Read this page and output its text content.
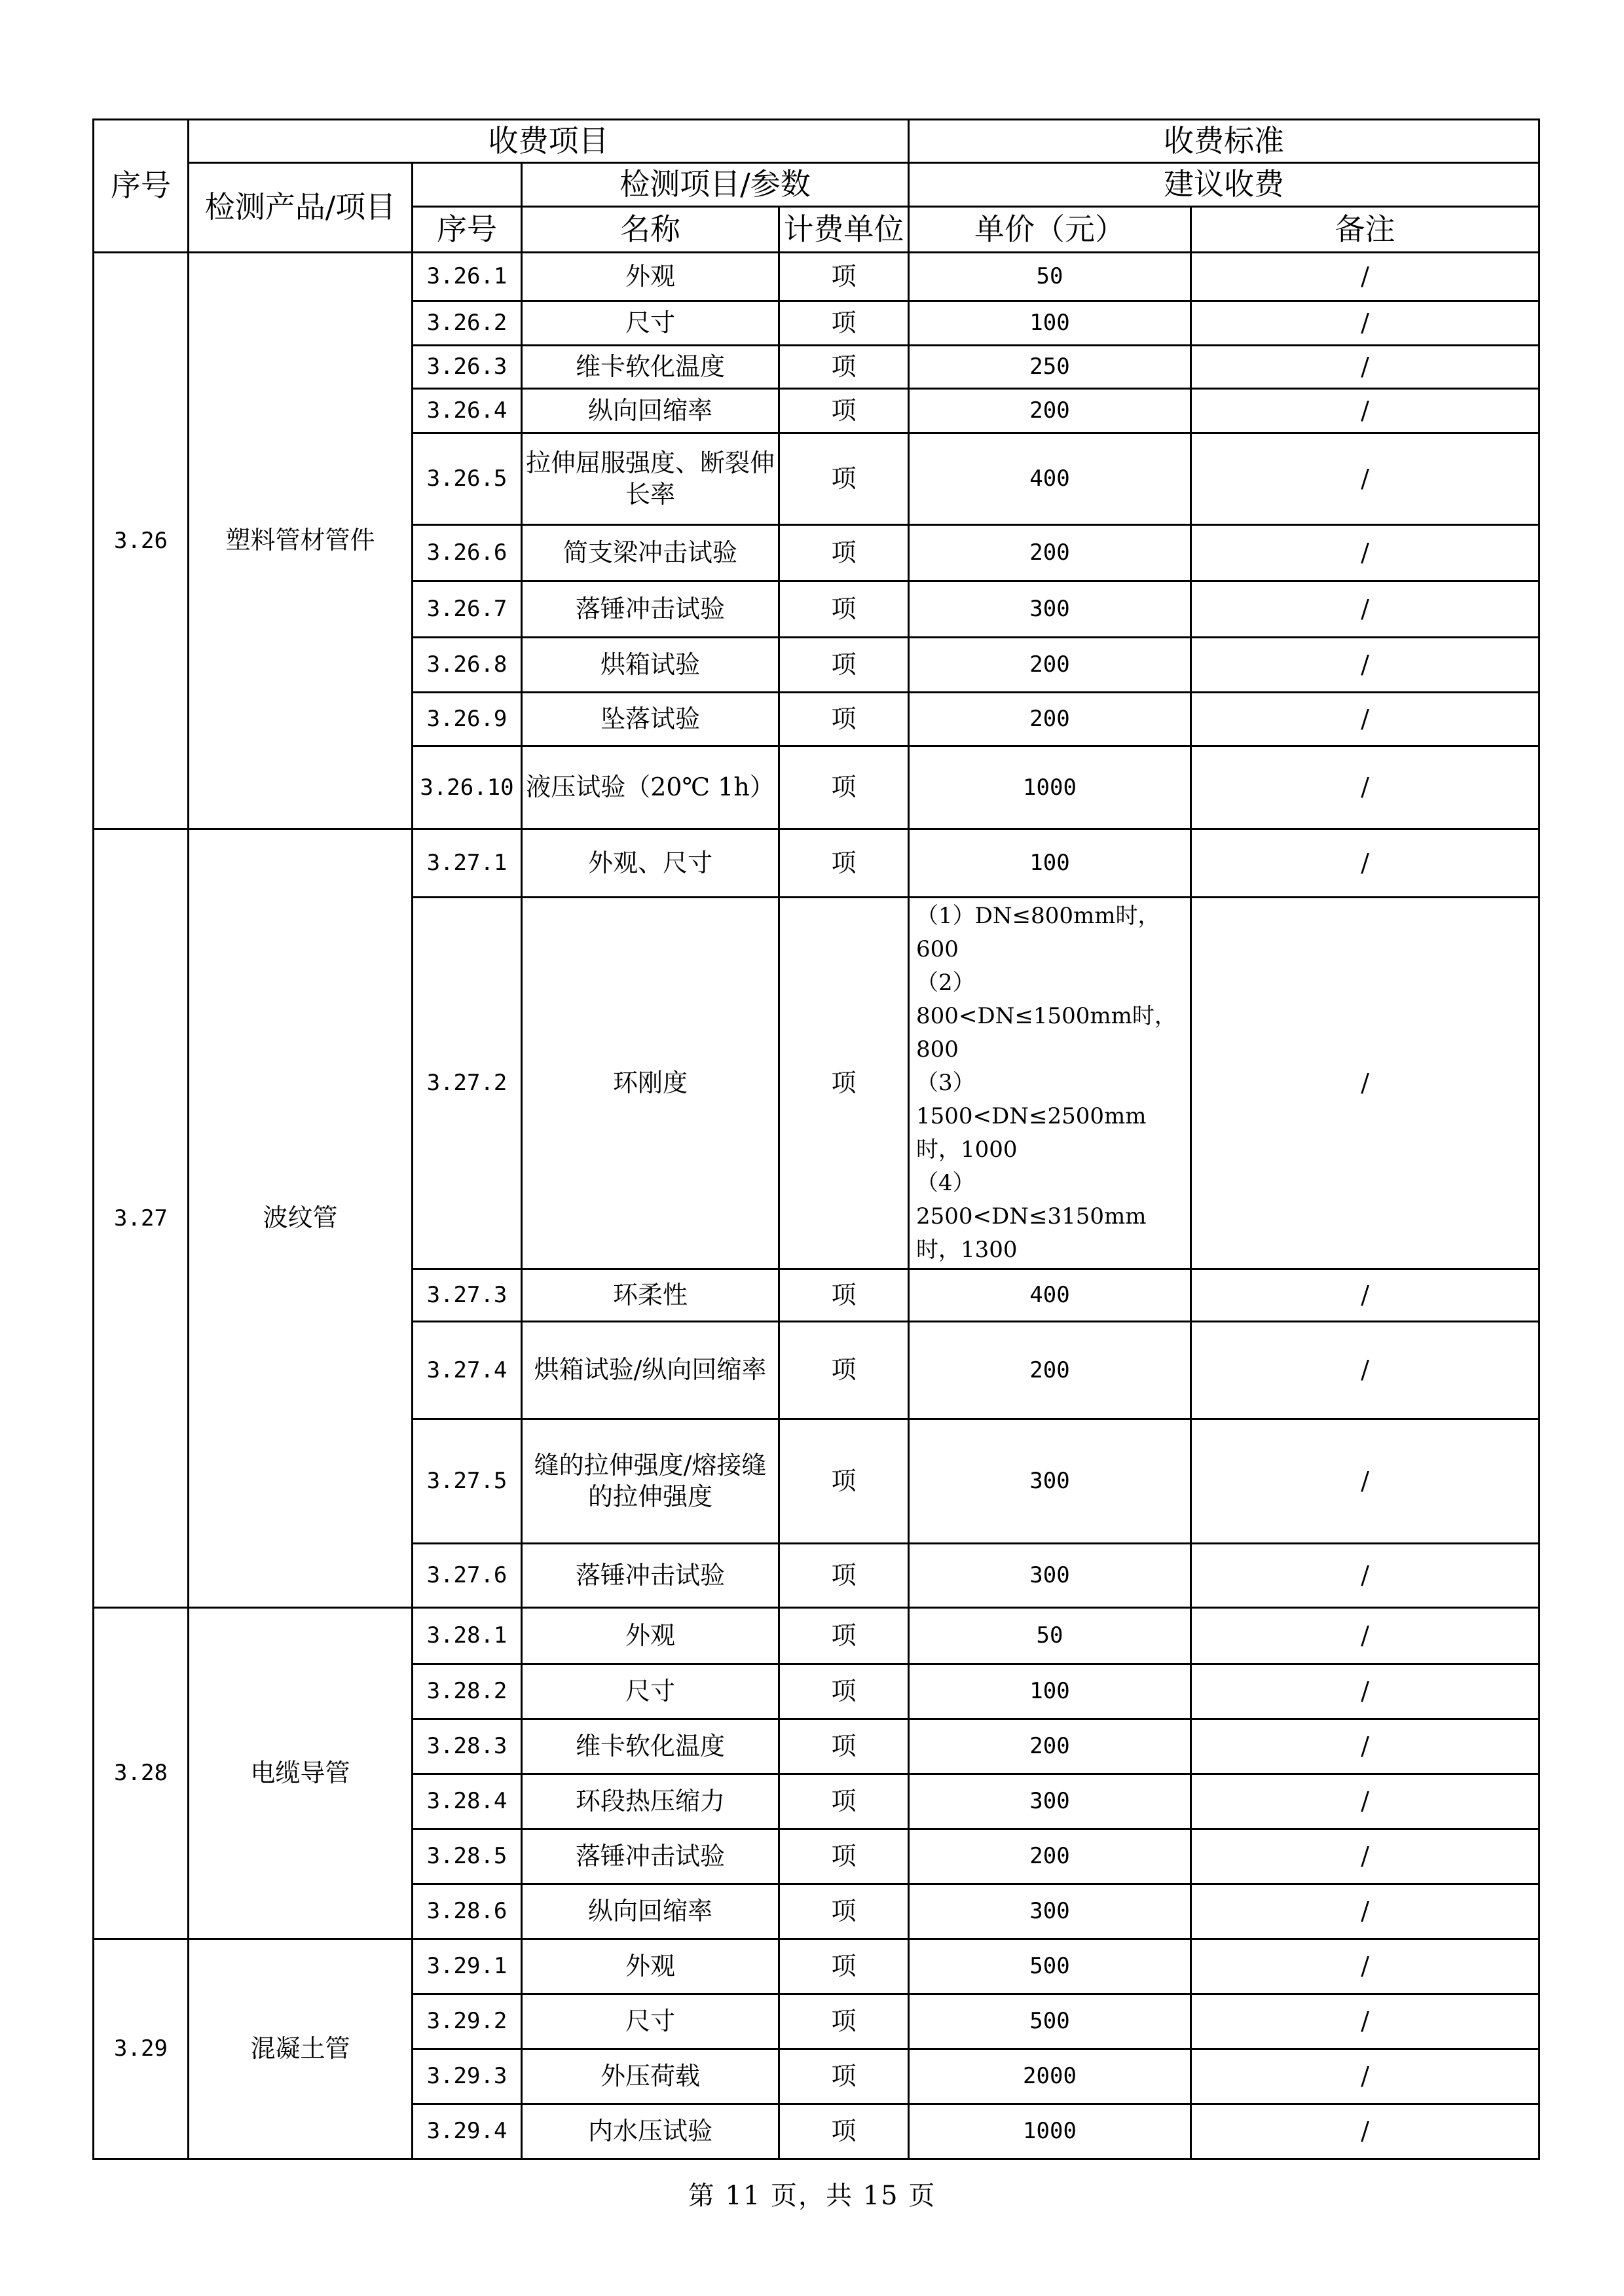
序号	收费项目				收费标准	
	检测产品/项目		检测项目/参数		建议收费	
		序号	名称	计费单位	单价（元）	备注
3.26	塑料管材管件	3.26.1	外观	项	50	/
		3.26.2	尺寸	项	100	/
		3.26.3	维卡软化温度	项	250	/
		3.26.4	纵向回缩率	项	200	/
		3.26.5	拉伸屈服强度、断裂伸长率	项	400	/
		3.26.6	简支梁冲击试验	项	200	/
		3.26.7	落锤冲击试验	项	300	/
		3.26.8	烘箱试验	项	200	/
		3.26.9	坠落试验	项	200	/
		3.26.10	液压试验（20℃ 1h）	项	1000	/
3.27	波纹管	3.27.1	外观、尺寸	项	100	/
		3.27.2	环刚度	项	（1）DN≤800mm时，600
（2）800<DN≤1500mm时，800
（3）1500<DN≤2500mm时，1000
（4）2500<DN≤3150mm时，1300	/
		3.27.3	环柔性	项	400	/
		3.27.4	烘箱试验/纵向回缩率	项	200	/
		3.27.5	缝的拉伸强度/熔接缝的拉伸强度	项	300	/
		3.27.6	落锤冲击试验	项	300	/
3.28	电缆导管	3.28.1	外观	项	50	/
		3.28.2	尺寸	项	100	/
		3.28.3	维卡软化温度	项	200	/
		3.28.4	环段热压缩力	项	300	/
		3.28.5	落锤冲击试验	项	200	/
		3.28.6	纵向回缩率	项	300	/
3.29	混凝土管	3.29.1	外观	项	500	/
		3.29.2	尺寸	项	500	/
		3.29.3	外压荷载	项	2000	/
		3.29.4	内水压试验	项	1000	/
第 11 页，共 15 页
